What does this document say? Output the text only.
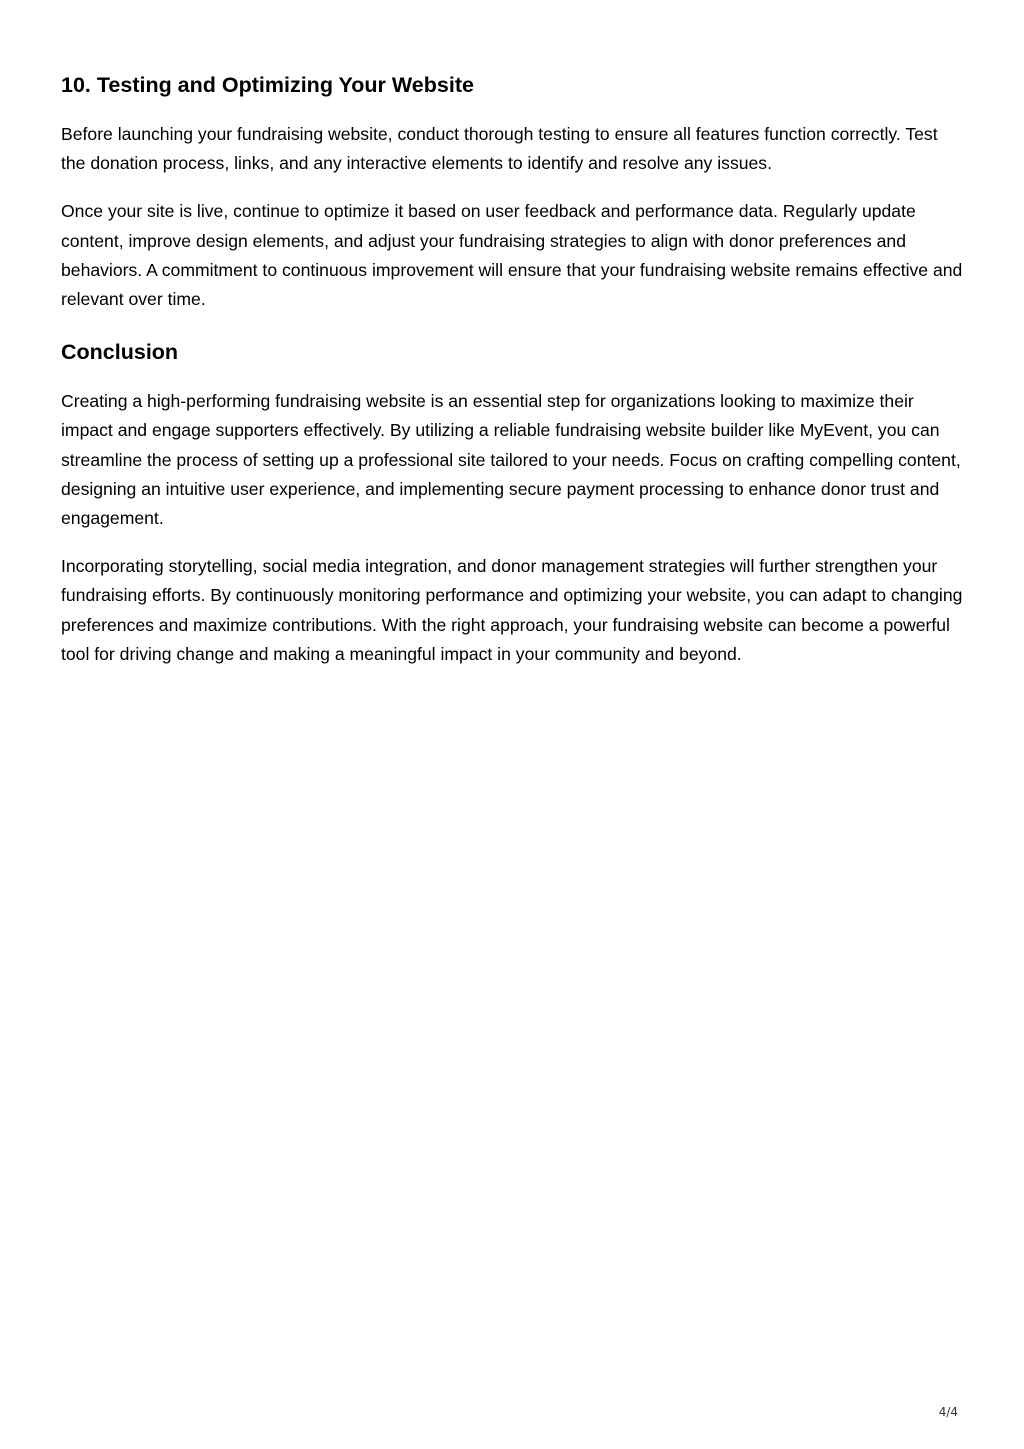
10. Testing and Optimizing Your Website

Before launching your fundraising website, conduct thorough testing to ensure all features function correctly. Test the donation process, links, and any interactive elements to identify and resolve any issues.

Once your site is live, continue to optimize it based on user feedback and performance data. Regularly update content, improve design elements, and adjust your fundraising strategies to align with donor preferences and behaviors. A commitment to continuous improvement will ensure that your fundraising website remains effective and relevant over time.

Conclusion

Creating a high-performing fundraising website is an essential step for organizations looking to maximize their impact and engage supporters effectively. By utilizing a reliable fundraising website builder like MyEvent, you can streamline the process of setting up a professional site tailored to your needs. Focus on crafting compelling content, designing an intuitive user experience, and implementing secure payment processing to enhance donor trust and engagement.

Incorporating storytelling, social media integration, and donor management strategies will further strengthen your fundraising efforts. By continuously monitoring performance and optimizing your website, you can adapt to changing preferences and maximize contributions. With the right approach, your fundraising website can become a powerful tool for driving change and making a meaningful impact in your community and beyond.

4/4
